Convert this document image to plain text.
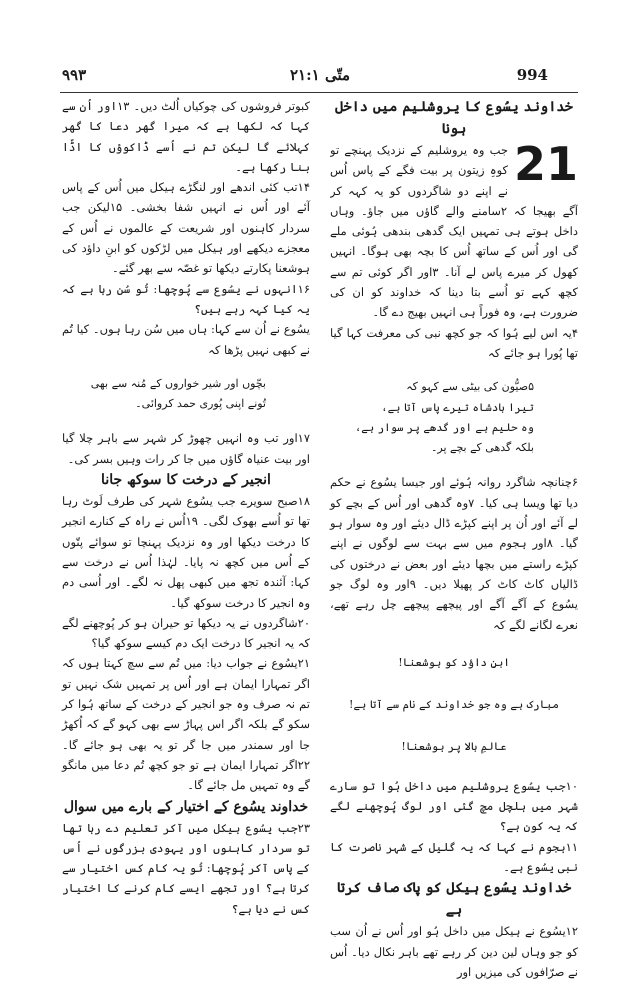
۹۹۳	متّی ۲۱:۱	994
خداوند یسُوع کا یروشلیم میں داخل ہونا
21

جب وہ یروشلیم کے نزدیک پہنچے تو کوہِ زیتون پر بیت فگے کے پاس اُس نے اپنے دو شاگردوں کو یہ کہہ کر آگے بھیجا کہ ۲سامنے والے گاؤں میں جاؤ۔ وہاں داخل ہوتے ہی تمہیں ایک گدھی بندھی ہُوئی ملے گی اور اُس کے ساتھ اُس کا بچہ بھی ہوگا۔ انہیں کھول کر میرے پاس لے آنا۔ ۳اور اگر کوئی تم سے کچھ کہے تو اُسے بتا دینا کہ خداوند کو ان کی ضرورت ہے، وہ فوراً ہی انہیں بھیج دے گا۔

۴یہ اس لیے ہُوا کہ جو کچھ نبی کی معرفت کہا گیا تھا پُورا ہو جائے کہ

۵صیُّون کی بیٹی سے کہو کہ

تیرا بادشاہ تیرے پاس آتا ہے،

وہ حلیم ہے اور گدھے پر سوار ہے،

بلکہ گدھی کے بچے پر۔

۶چنانچہ شاگرد روانہ ہُوئے اور جیسا یسُوع نے حکم دیا تھا ویسا ہی کیا۔ ۷وہ گدھی اور اُس کے بچے کو لے آئے اور اُن پر اپنے کپڑے ڈال دیئے اور وہ سوار ہو گیا۔ ۸اور ہجوم میں سے بہت سے لوگوں نے اپنے کپڑے راستے میں بچھا دیئے اور بعض نے درختوں کی ڈالیاں کاٹ کاٹ کر پھیلا دیں۔ ۹اور وہ لوگ جو یسُوع کے آگے آگے اور پیچھے پیچھے چل رہے تھے، نعرے لگانے لگے کہ

ابنِ داؤد کو ہوشعنا!

مبارک ہے وہ جو خداوند کے نام سے آتا ہے!

عالمِ بالا پر ہوشعنا!

۱۰جب یسُوع یروشلیم میں داخل ہُوا تو سارے شہر میں ہلچل مچ گئی اور لوگ پُوچھنے لگے کہ یہ کون ہے؟

۱۱ہجوم نے کہا کہ یہ گلیل کے شہر ناصرت کا نبی یسُوع ہے۔

خداوند یسُوع ہیکل کو پاک صاف کرتا ہے

۱۲یسُوع نے ہیکل میں داخل ہُو اور اُس نے اُن سب کو جو وہاں لین دین کر رہے تھے باہر نکال دیا۔ اُس نے صرّافوں کی میزیں اور

کبوتر فروشوں کی چوکیاں اُلٹ دیں۔ ۱۳اور اُن سے کہا کہ لکھا ہے کہ میرا گھر دعا کا گھر کہلائے گا لیکن تم نے اُسے ڈاکوؤں کا اڈّا بنا رکھا ہے۔

۱۴تب کئی اندھے اور لنگڑے ہیکل میں اُس کے پاس آئے اور اُس نے انہیں شفا بخشی۔ ۱۵لیکن جب سردار کاہنوں اور شریعت کے عالموں نے اُس کے معجزے دیکھے اور ہیکل میں لڑکوں کو ابنِ داؤد کی ہوشعنا پکارتے دیکھا تو غصّہ سے بھر گئے۔

۱۶انہوں نے یسُوع سے پُوچھا: تُو سُن رہا ہے کہ یہ کیا کہہ رہے ہیں؟

یسُوع نے اُن سے کہا: ہاں میں سُن رہا ہوں۔ کیا تُم نے کبھی نہیں پڑھا کہ

بچّوں اور شیر خواروں کے مُنہ سے بھی

تُونے اپنی پُوری حمد کروائی۔

۱۷اور تب وہ انہیں چھوڑ کر شہر سے باہر چلا گیا اور بیت عنیاہ گاؤں میں جا کر رات وہیں بسر کی۔

انجیر کے درخت کا سوکھ جانا

۱۸صبح سویرے جب یسُوع شہر کی طرف لَوٹ رہا تھا تو اُسے بھوک لگی۔ ۱۹اُس نے راہ کے کنارے انجیر کا درخت دیکھا اور وہ نزدیک پہنچا تو سوائے پتّوں کے اُس میں کچھ نہ پایا۔ لہٰذا اُس نے درخت سے کہا: آئندہ تجھ میں کبھی پھل نہ لگے۔ اور اُسی دم وہ انجیر کا درخت سوکھ گیا۔

۲۰شاگردوں نے یہ دیکھا تو حیران ہو کر پُوچھنے لگے کہ یہ انجیر کا درخت ایک دم کیسے سوکھ گیا؟

۲۱یسُوع نے جواب دیا: میں تُم سے سچ کہتا ہوں کہ اگر تمہارا ایمان ہے اور اُس پر تمہیں شک نہیں تو تم نہ صرف وہ جو انجیر کے درخت کے ساتھ ہُوا کر سکو گے بلکہ اگر اس پہاڑ سے بھی کہو گے کہ اُکھڑ جا اور سمندر میں جا گر تو یہ بھی ہو جائے گا۔ ۲۲اگر تمہارا ایمان ہے تو جو کچھ تُم دعا میں مانگو گے وہ تمہیں مل جائے گا۔

خداوند یسُوع کے اختیار کے بارے میں سوال

۲۳جب یسُوع ہیکل میں آکر تعلیم دے رہا تھا تو سردار کاہنوں اور یہودی بزرگوں نے اُس کے پاس آکر پُوچھا: تُو یہ کام کس اختیار سے کرتا ہے؟ اور تجھے ایسے کام کرنے کا اختیار کس نے دیا ہے؟
